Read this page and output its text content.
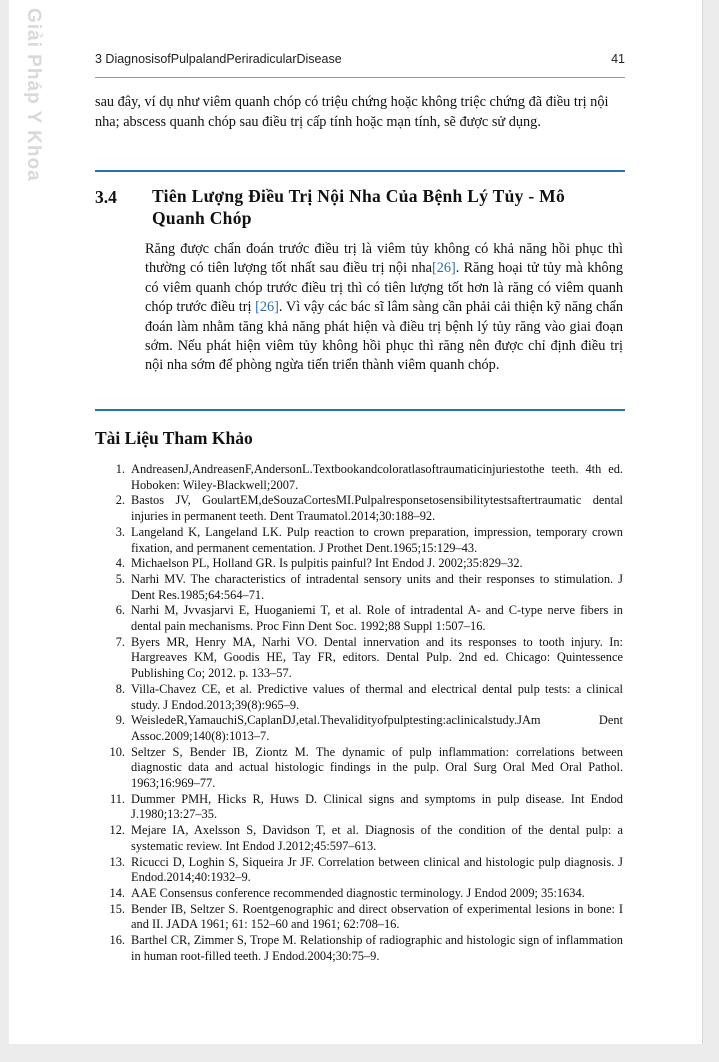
Giải Pháp Y Khoa	3 DiagnosisofPulpalandPeriradicularDisease	41
sau đây, ví dụ như viêm quanh chóp có triệu chứng hoặc không triệc chứng đã điều trị nội nha; abscess quanh chóp sau điều trị cấp tính hoặc mạn tính, sẽ được sử dụng.
3.4 Tiên Lượng Điều Trị Nội Nha Của Bệnh Lý Tủy - Mô Quanh Chóp
Răng được chẩn đoán trước điều trị là viêm tủy không có khả năng hồi phục thì thường có tiên lượng tốt nhất sau điều trị nội nha[26]. Răng hoại tử tủy mà không có viêm quanh chóp trước điều trị thì có tiên lượng tốt hơn là răng có viêm quanh chóp trước điều trị [26]. Vì vậy các bác sĩ lâm sàng cần phải cải thiện kỹ năng chẩn đoán làm nhằm tăng khả năng phát hiện và điều trị bệnh lý tủy răng vào giai đoạn sớm. Nếu phát hiện viêm tủy không hồi phục thì răng nên được chỉ định điều trị nội nha sớm để phòng ngừa tiến triển thành viêm quanh chóp.
Tài Liệu Tham Khảo
1. AndreasenJ,AndreasenF,AndersonL.Textbookandcoloratlasoftraumaticinjuriestothe teeth. 4th ed. Hoboken: Wiley-Blackwell;2007.
2. Bastos JV, GoulartEM,deSouzaCortesMI.Pulpalresponsetosensibilitytestsaftertraumatic dental injuries in permanent teeth. Dent Traumatol.2014;30:188–92.
3. Langeland K, Langeland LK. Pulp reaction to crown preparation, impression, temporary crown fixation, and permanent cementation. J Prothet Dent.1965;15:129–43.
4. Michaelson PL, Holland GR. Is pulpitis painful? Int Endod J. 2002;35:829–32.
5. Narhi MV. The characteristics of intradental sensory units and their responses to stimulation. J Dent Res.1985;64:564–71.
6. Narhi M, Jvvasjarvi E, Huoganiemi T, et al. Role of intradental A- and C-type nerve fibers in dental pain mechanisms. Proc Finn Dent Soc. 1992;88 Suppl 1:507–16.
7. Byers MR, Henry MA, Narhi VO. Dental innervation and its responses to tooth injury. In: Hargreaves KM, Goodis HE, Tay FR, editors. Dental Pulp. 2nd ed. Chicago: Quintessence Publishing Co; 2012. p. 133–57.
8. Villa-Chavez CE, et al. Predictive values of thermal and electrical dental pulp tests: a clinical study. J Endod.2013;39(8):965–9.
9. WeisledeR,YamauchiS,CaplanDJ,etal.Thevalidityofpulptesting:aclinicalstudy.JAm Dent Assoc.2009;140(8):1013–7.
10. Seltzer S, Bender IB, Ziontz M. The dynamic of pulp inflammation: correlations between diagnostic data and actual histologic findings in the pulp. Oral Surg Oral Med Oral Pathol. 1963;16:969–77.
11. Dummer PMH, Hicks R, Huws D. Clinical signs and symptoms in pulp disease. Int Endod J.1980;13:27–35.
12. Mejare IA, Axelsson S, Davidson T, et al. Diagnosis of the condition of the dental pulp: a systematic review. Int Endod J.2012;45:597–613.
13. Ricucci D, Loghin S, Siqueira Jr JF. Correlation between clinical and histologic pulp diagnosis. J Endod.2014;40:1932–9.
14. AAE Consensus conference recommended diagnostic terminology. J Endod 2009; 35:1634.
15. Bender IB, Seltzer S. Roentgenographic and direct observation of experimental lesions in bone: I and II. JADA 1961; 61: 152–60 and 1961; 62:708–16.
16. Barthel CR, Zimmer S, Trope M. Relationship of radiographic and histologic sign of inflammation in human root-filled teeth. J Endod.2004;30:75–9.
